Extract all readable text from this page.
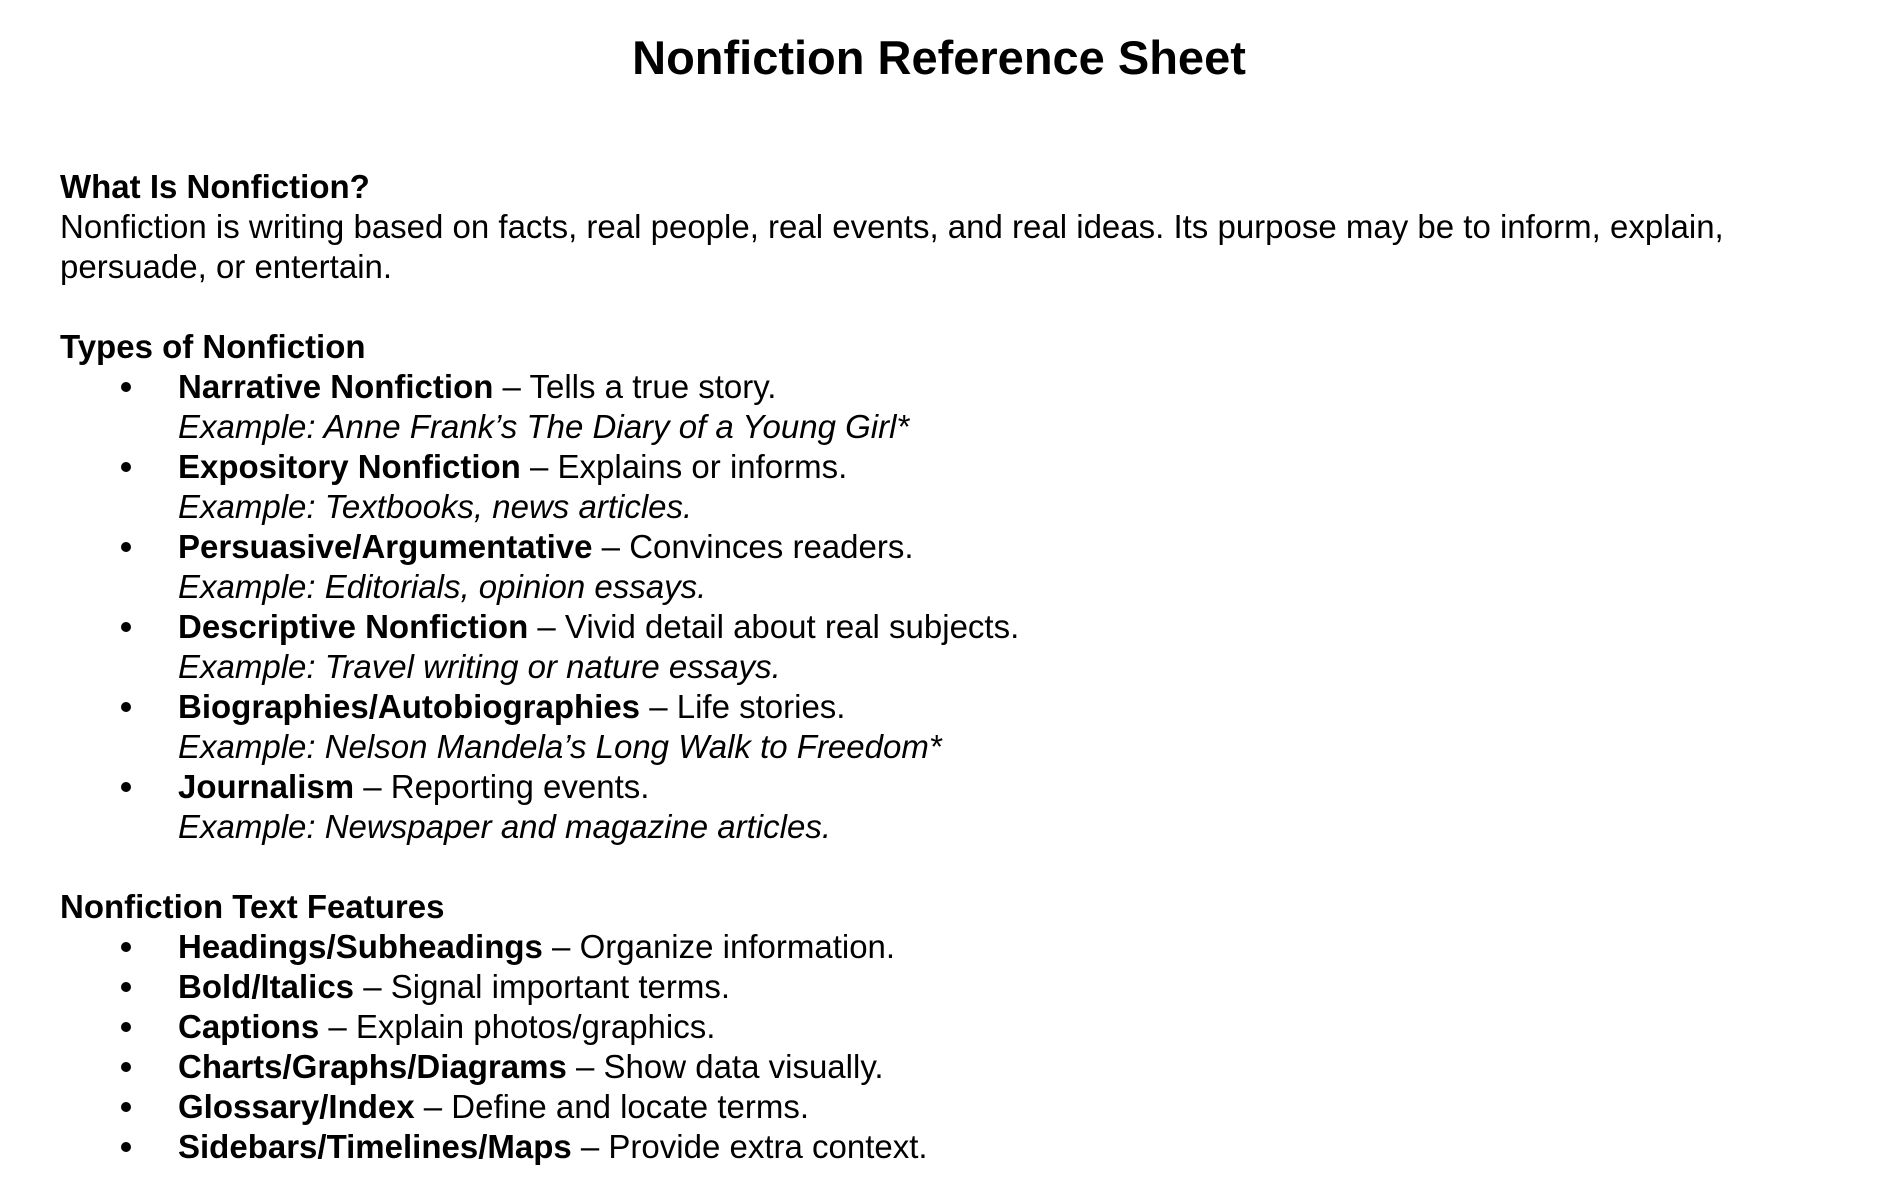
Nonfiction Reference Sheet
What Is Nonfiction?
Nonfiction is writing based on facts, real people, real events, and real ideas. Its purpose may be to inform, explain,
persuade, or entertain.
Types of Nonfiction
Narrative Nonfiction – Tells a true story.
Example: Anne Frank’s The Diary of a Young Girl*
Expository Nonfiction – Explains or informs.
Example: Textbooks, news articles.
Persuasive/Argumentative – Convinces readers.
Example: Editorials, opinion essays.
Descriptive Nonfiction – Vivid detail about real subjects.
Example: Travel writing or nature essays.
Biographies/Autobiographies – Life stories.
Example: Nelson Mandela’s Long Walk to Freedom*
Journalism – Reporting events.
Example: Newspaper and magazine articles.
Nonfiction Text Features
Headings/Subheadings – Organize information.
Bold/Italics – Signal important terms.
Captions – Explain photos/graphics.
Charts/Graphs/Diagrams – Show data visually.
Glossary/Index – Define and locate terms.
Sidebars/Timelines/Maps – Provide extra context.
